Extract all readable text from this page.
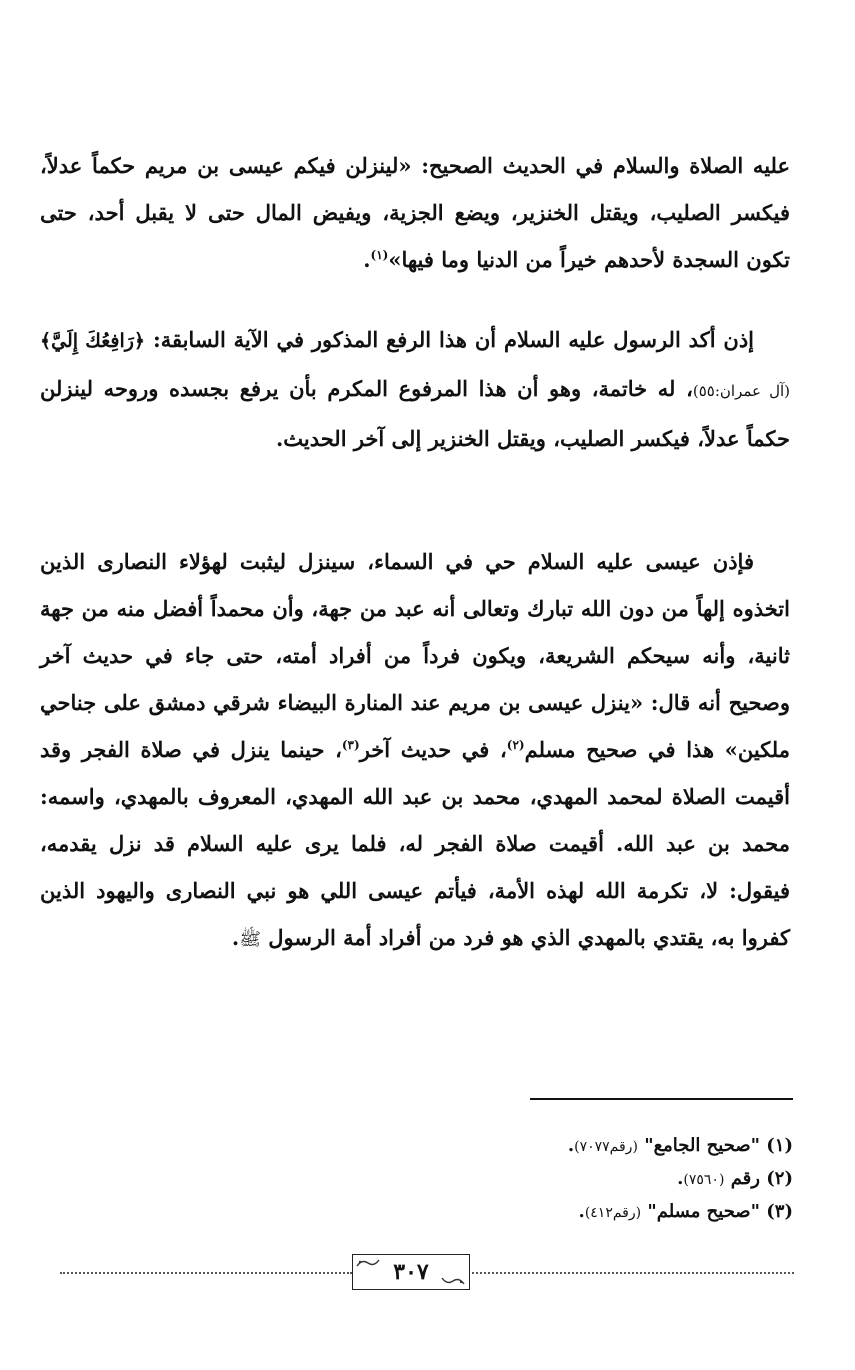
عليه الصلاة والسلام في الحديث الصحيح: «لينزلن فيكم عيسى بن مريم حكماً عدلاً، فيكسر الصليب، ويقتل الخنزير، ويضع الجزية، ويفيض المال حتى لا يقبل أحد، حتى تكون السجدة لأحدهم خيراً من الدنيا وما فيها»$^{(١)}$.
إذن أكد الرسول عليه السلام أن هذا الرفع المذكور في الآية السابقة: ﴿رَافِعُكَ إِلَيَّ﴾(آل عمران:٥٥)، له خاتمة، وهو أن هذا المرفوع المكرم بأن يرفع بجسده وروحه لينزلن حكماً عدلاً، فيكسر الصليب، ويقتل الخنزير إلى آخر الحديث.
فإذن عيسى عليه السلام حي في السماء، سينزل ليثبت لهؤلاء النصارى الذين اتخذوه إلهاً من دون الله تبارك وتعالى أنه عبد من جهة، وأن محمداً أفضل منه من جهة ثانية، وأنه سيحكم الشريعة، ويكون فرداً من أفراد أمته، حتى جاء في حديث آخر وصحيح أنه قال: «ينزل عيسى بن مريم عند المنارة البيضاء شرقي دمشق على جناحي ملكين» هذا في صحيح مسلم$^{(٢)}$، في حديث آخر$^{(٣)}$، حينما ينزل في صلاة الفجر وقد أقيمت الصلاة لمحمد المهدي، محمد بن عبد الله المهدي، المعروف بالمهدي، واسمه: محمد بن عبد الله. أقيمت صلاة الفجر له، فلما يرى عليه السلام قد نزل يقدمه، فيقول: لا، تكرمة الله لهذه الأمة، فيأتم عيسى اللي هو نبي النصارى واليهود الذين كفروا به، يقتدي بالمهدي الذي هو فرد من أفراد أمة الرسول ﷺ.
(١) "صحيح الجامع" (رقم٧٠٧٧).
(٢) رقم (٧٥٦٠).
(٣) "صحيح مسلم" (رقم٤١٢).
٣٠٧
